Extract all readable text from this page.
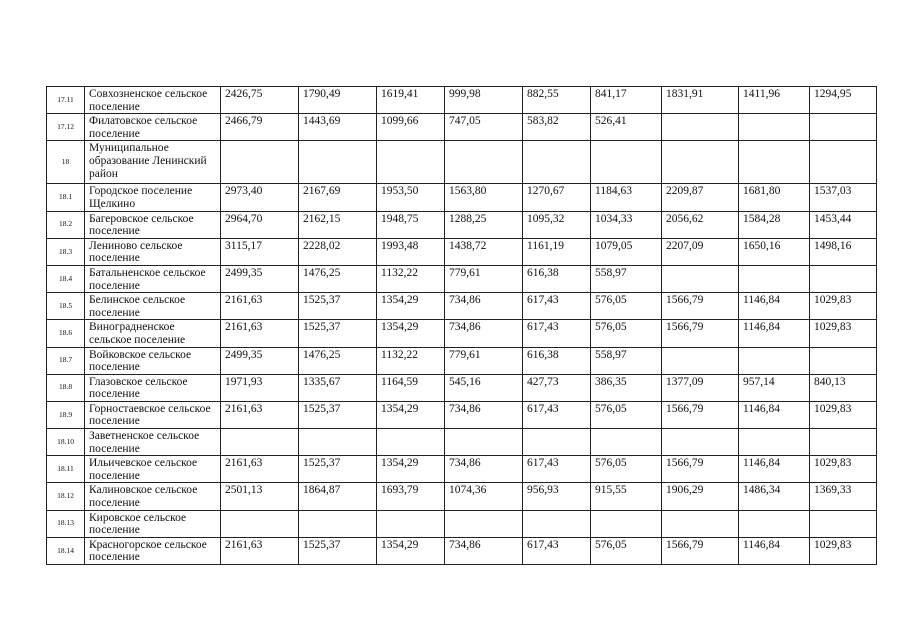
17.11	Совхозненское сельское поселение	2426,75	1790,49	1619,41	999,98	882,55	841,17	1831,91	1411,96	1294,95
17.12	Филатовское сельское поселение	2466,79	1443,69	1099,66	747,05	583,82	526,41			
18	Муниципальное образование Ленинский район									
18.1	Городское поселение Щелкино	2973,40	2167,69	1953,50	1563,80	1270,67	1184,63	2209,87	1681,80	1537,03
18.2	Багеровское сельское поселение	2964,70	2162,15	1948,75	1288,25	1095,32	1034,33	2056,62	1584,28	1453,44
18.3	Лениново сельское поселение	3115,17	2228,02	1993,48	1438,72	1161,19	1079,05	2207,09	1650,16	1498,16
18.4	Батальненское сельское поселение	2499,35	1476,25	1132,22	779,61	616,38	558,97			
18.5	Белинское сельское поселение	2161,63	1525,37	1354,29	734,86	617,43	576,05	1566,79	1146,84	1029,83
18.6	Виноградненское сельское поселение	2161,63	1525,37	1354,29	734,86	617,43	576,05	1566,79	1146,84	1029,83
18.7	Войковское сельское поселение	2499,35	1476,25	1132,22	779,61	616,38	558,97			
18.8	Глазовское сельское поселение	1971,93	1335,67	1164,59	545,16	427,73	386,35	1377,09	957,14	840,13
18.9	Горностаевское сельское поселение	2161,63	1525,37	1354,29	734,86	617,43	576,05	1566,79	1146,84	1029,83
18.10	Заветненское сельское поселение									
18.11	Ильичевское сельское поселение	2161,63	1525,37	1354,29	734,86	617,43	576,05	1566,79	1146,84	1029,83
18.12	Калиновское сельское поселение	2501,13	1864,87	1693,79	1074,36	956,93	915,55	1906,29	1486,34	1369,33
18.13	Кировское сельское поселение									
18.14	Красногорское сельское поселение	2161,63	1525,37	1354,29	734,86	617,43	576,05	1566,79	1146,84	1029,83
